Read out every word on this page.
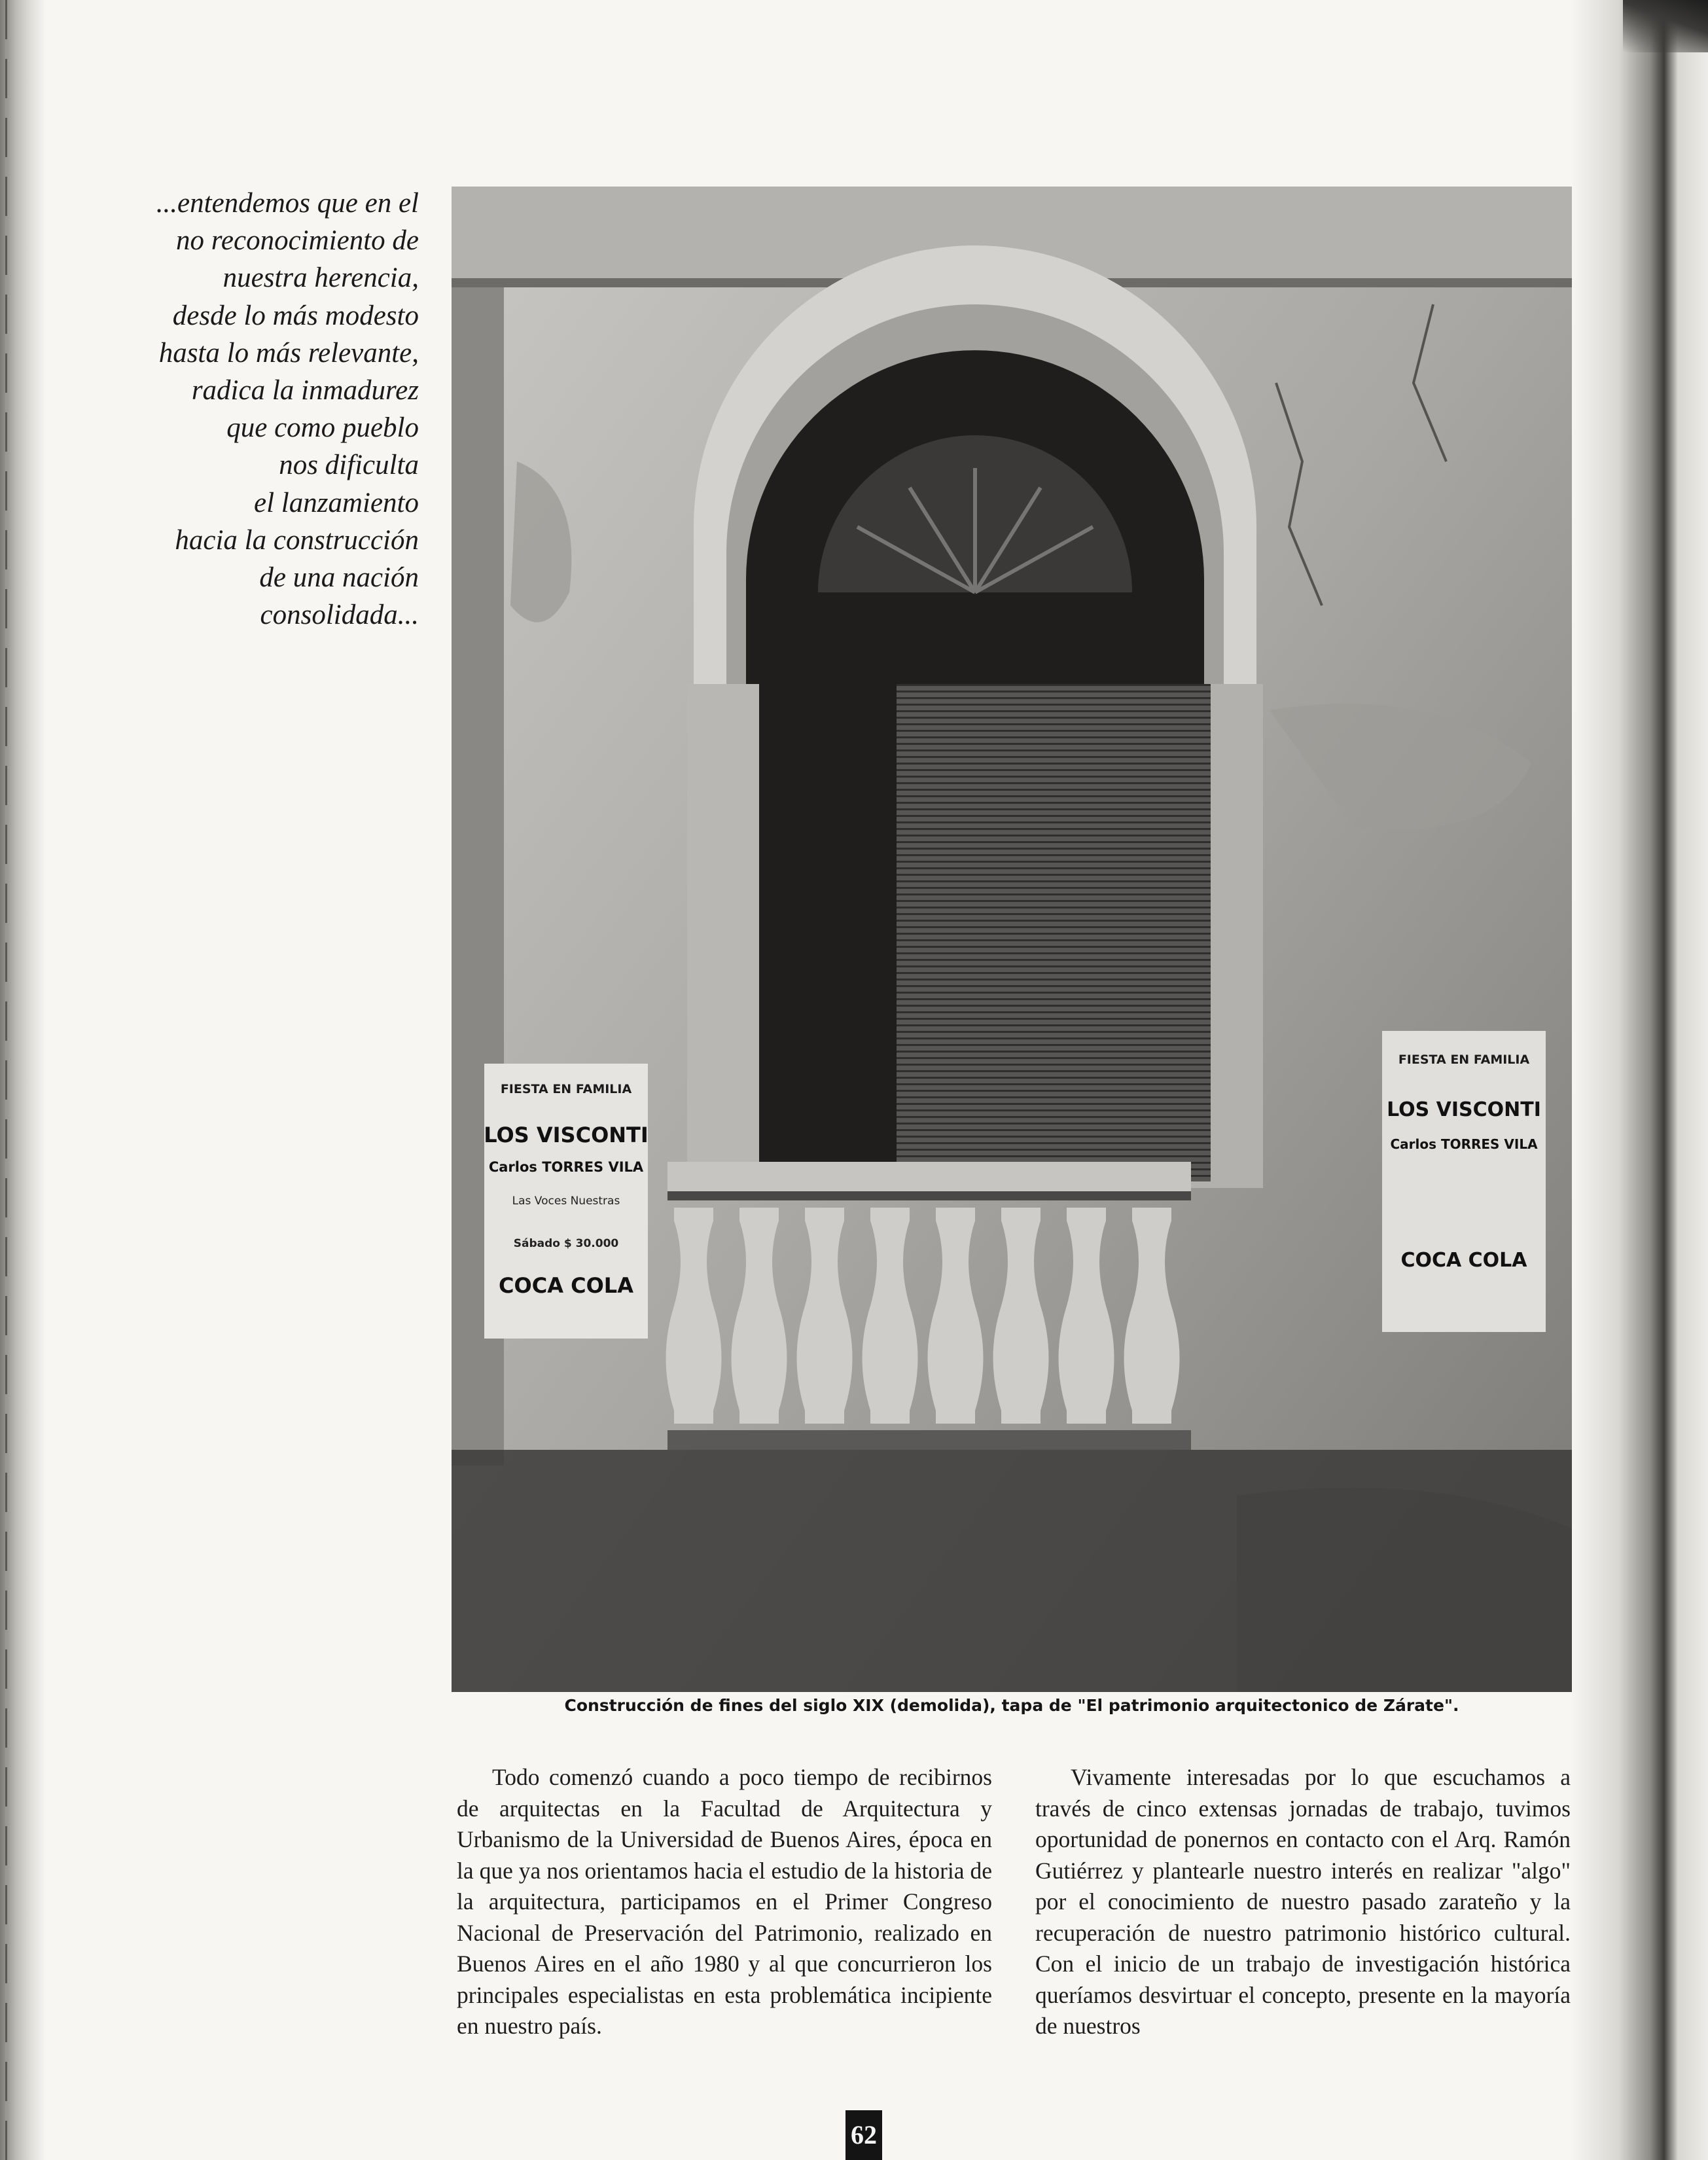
...entendemos que en el
no reconocimiento de
nuestra herencia,
desde lo más modesto
hasta lo más relevante,
radica la inmadurez
que como pueblo
nos dificulta
el lanzamiento
hacia la construcción
de una nación
consolidada...
FIESTA EN FAMILIA
LOS VISCONTI
Carlos TORRES VILA
Las Voces Nuestras
Sábado $ 30.000
COCA COLA
FIESTA EN FAMILIA
LOS VISCONTI
Carlos TORRES VILA
COCA COLA
Construcción de fines del siglo XIX (demolida), tapa de "El patrimonio arquitectonico de Zárate".

Todo comenzó cuando a poco tiempo de recibirnos de arquitectas en la Facultad de Arquitectura y Urbanismo de la Universidad de Buenos Aires, época en la que ya nos orientamos hacia el estudio de la historia de la arquitectura, participamos en el Primer Congreso Nacional de Preservación del Patrimonio, realizado en Buenos Aires en el año 1980 y al que concurrieron los principales especialistas en esta problemática incipiente en nuestro país.

Vivamente interesadas por lo que escuchamos a través de cinco extensas jornadas de trabajo, tuvimos oportunidad de ponernos en contacto con el Arq. Ramón Gutiérrez y plantearle nuestro interés en realizar "algo" por el conocimiento de nuestro pasado zarateño y la recuperación de nuestro patrimonio histórico cultural. Con el inicio de un trabajo de investigación histórica queríamos desvirtuar el concepto, presente en la mayoría de nuestros

62
